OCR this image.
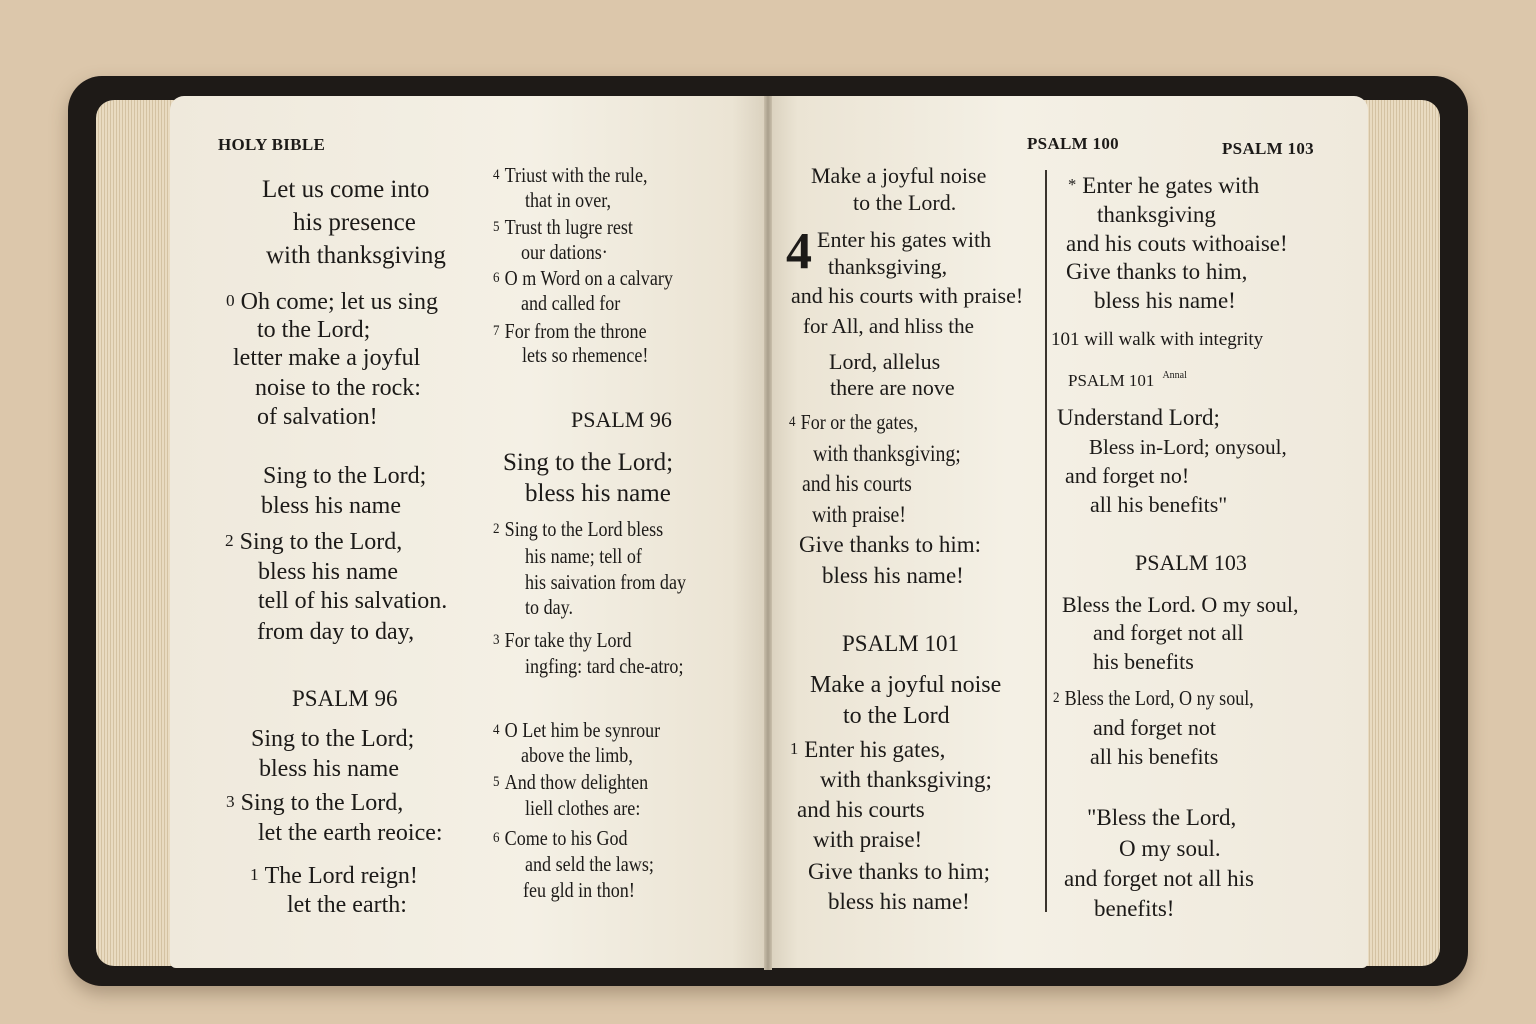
HOLY BIBLE	PSALM 100	PSALM 103
Let us come into
his presence
with thanksgiving
0 Oh come; let us sing
to the Lord;
letter make a joyful
noise to the rock:
of salvation!
Sing to the Lord;
bless his name
2 Sing to the Lord,
bless his name
tell of his salvation.
from day to day,
PSALM 96
Sing to the Lord;
bless his name
3 Sing to the Lord,
let the earth reoice:
1 The Lord reign!
let the earth:
4 Triust with the rule,
that in over,
5 Trust th lugre rest
our dations·
6 O m Word on a calvary
and called for
7 For from the throne
lets so rhemence!
PSALM 96
Sing to the Lord;
bless his name
2 Sing to the Lord bless
his name; tell of
his saivation from day
to day.
3 For take thy Lord
ingfing: tard che-atro;
4 O Let him be synrour
above the limb,
5 And thow delighten
liell clothes are:
6 Come to his God
and seld the laws;
feu gld in thon!
Make a joyful noise
to the Lord.
4 Enter his gates with
thanksgiving,
and his courts with praise!
for All, and hliss the
Lord, allelus
there are nove
4 For or the gates,
with thanksgiving;
and his courts
with praise!
Give thanks to him:
bless his name!
PSALM 101
Make a joyful noise
to the Lord
1 Enter his gates,
with thanksgiving;
and his courts
with praise!
Give thanks to him;
bless his name!
* Enter he gates with
thanksgiving
and his couts withoaise!
Give thanks to him,
bless his name!
101 will walk with integrity
PSALM 101 $^{Annal}$
Understand Lord;
Bless in-Lord; onysoul,
and forget no!
all his benefits"
PSALM 103
Bless the Lord. O my soul,
and forget not all
his benefits
2 Bless the Lord, O ny soul,
and forget not
all his benefits
"Bless the Lord,
O my soul.
and forget not all his
benefits!
